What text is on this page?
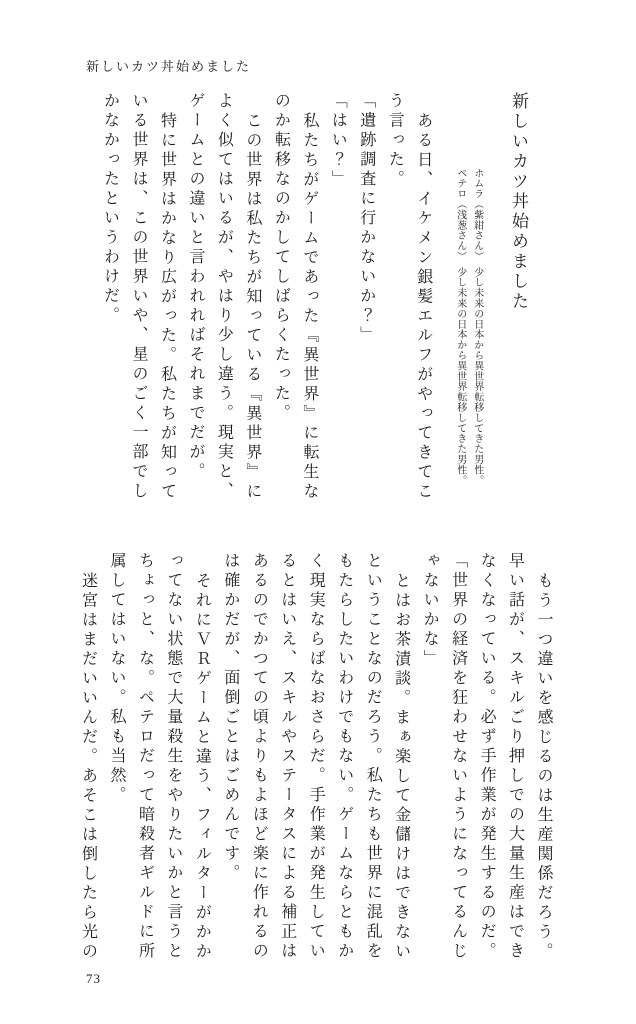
新しいカツ丼始めました
新しいカツ丼始めました

ホムラ（紫紺さん）　少し未来の日本から異世界転移してきた男性。

ペテロ（浅葱さん）　少し未来の日本から異世界転移してきた男性。

ある日、イケメン銀髪エルフがやってきてこう言った。

「遺跡調査に行かないか？」

「はい？」

私たちがゲームであった『異世界』に転生なのか転移なのかしてしばらくたった。

この世界は私たちが知っている『異世界』によく似てはいるが、やはり少し違う。現実と、ゲームとの違いと言われればそれまでだが。

特に世界はかなり広がった。私たちが知っている世界は、この世界いや、星のごく一部でしかなかったというわけだ。

もう一つ違いを感じるのは生産関係だろう。早い話が、スキルごり押しでの大量生産はできなくなっている。必ず手作業が発生するのだ。

「世界の経済を狂わせないようになってるんじゃないかな」

とはお茶漬談。まぁ楽して金儲けはできないということなのだろう。私たちも世界に混乱をもたらしたいわけでもない。ゲームならともかく現実ならばなおさらだ。手作業が発生しているとはいえ、スキルやステータスによる補正はあるのでかつての頃よりもよほど楽に作れるのは確かだが、面倒ごとはごめんです。

それにＶＲゲームと違う、フィルターがかかってない状態で大量殺生をやりたいかと言うとちょっと、な。ペテロだって暗殺者ギルドに所属してはいない。私も当然。

迷宮はまだいいんだ。あそこは倒したら光の

73
